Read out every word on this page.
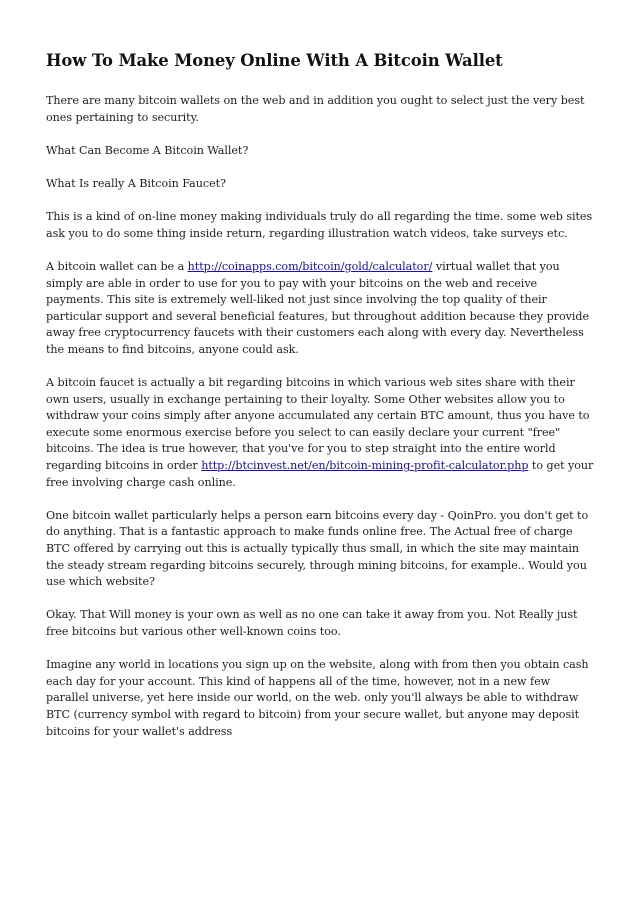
How To Make Money Online With A Bitcoin Wallet

There are many bitcoin wallets on the web and in addition you ought to select just the very best ones pertaining to security.

What Can Become A Bitcoin Wallet?

What Is really A Bitcoin Faucet?

This is a kind of on-line money making individuals truly do all regarding the time. some web sites ask you to do some thing inside return, regarding illustration watch videos, take surveys etc.

A bitcoin wallet can be a http://coinapps.com/bitcoin/gold/calculator/ virtual wallet that you simply are able in order to use for you to pay with your bitcoins on the web and receive payments. This site is extremely well-liked not just since involving the top quality of their particular support and several beneficial features, but throughout addition because they provide away free cryptocurrency faucets with their customers each along with every day. Nevertheless the means to find bitcoins, anyone could ask.

A bitcoin faucet is actually a bit regarding bitcoins in which various web sites share with their own users, usually in exchange pertaining to their loyalty. Some Other websites allow you to withdraw your coins simply after anyone accumulated any certain BTC amount, thus you have to execute some enormous exercise before you select to can easily declare your current "free" bitcoins. The idea is true however, that you've for you to step straight into the entire world regarding bitcoins in order http://btcinvest.net/en/bitcoin-mining-profit-calculator.php to get your free involving charge cash online.

One bitcoin wallet particularly helps a person earn bitcoins every day - QoinPro. you don't get to do anything. That is a fantastic approach to make funds online free. The Actual free of charge BTC offered by carrying out this is actually typically thus small, in which the site may maintain the steady stream regarding bitcoins securely, through mining bitcoins, for example.. Would you use which website?

Okay. That Will money is your own as well as no one can take it away from you. Not Really just free bitcoins but various other well-known coins too.

Imagine any world in locations you sign up on the website, along with from then you obtain cash each day for your account. This kind of happens all of the time, however, not in a new few parallel universe, yet here inside our world, on the web. only you'll always be able to withdraw BTC (currency symbol with regard to bitcoin) from your secure wallet, but anyone may deposit bitcoins for your wallet's address
